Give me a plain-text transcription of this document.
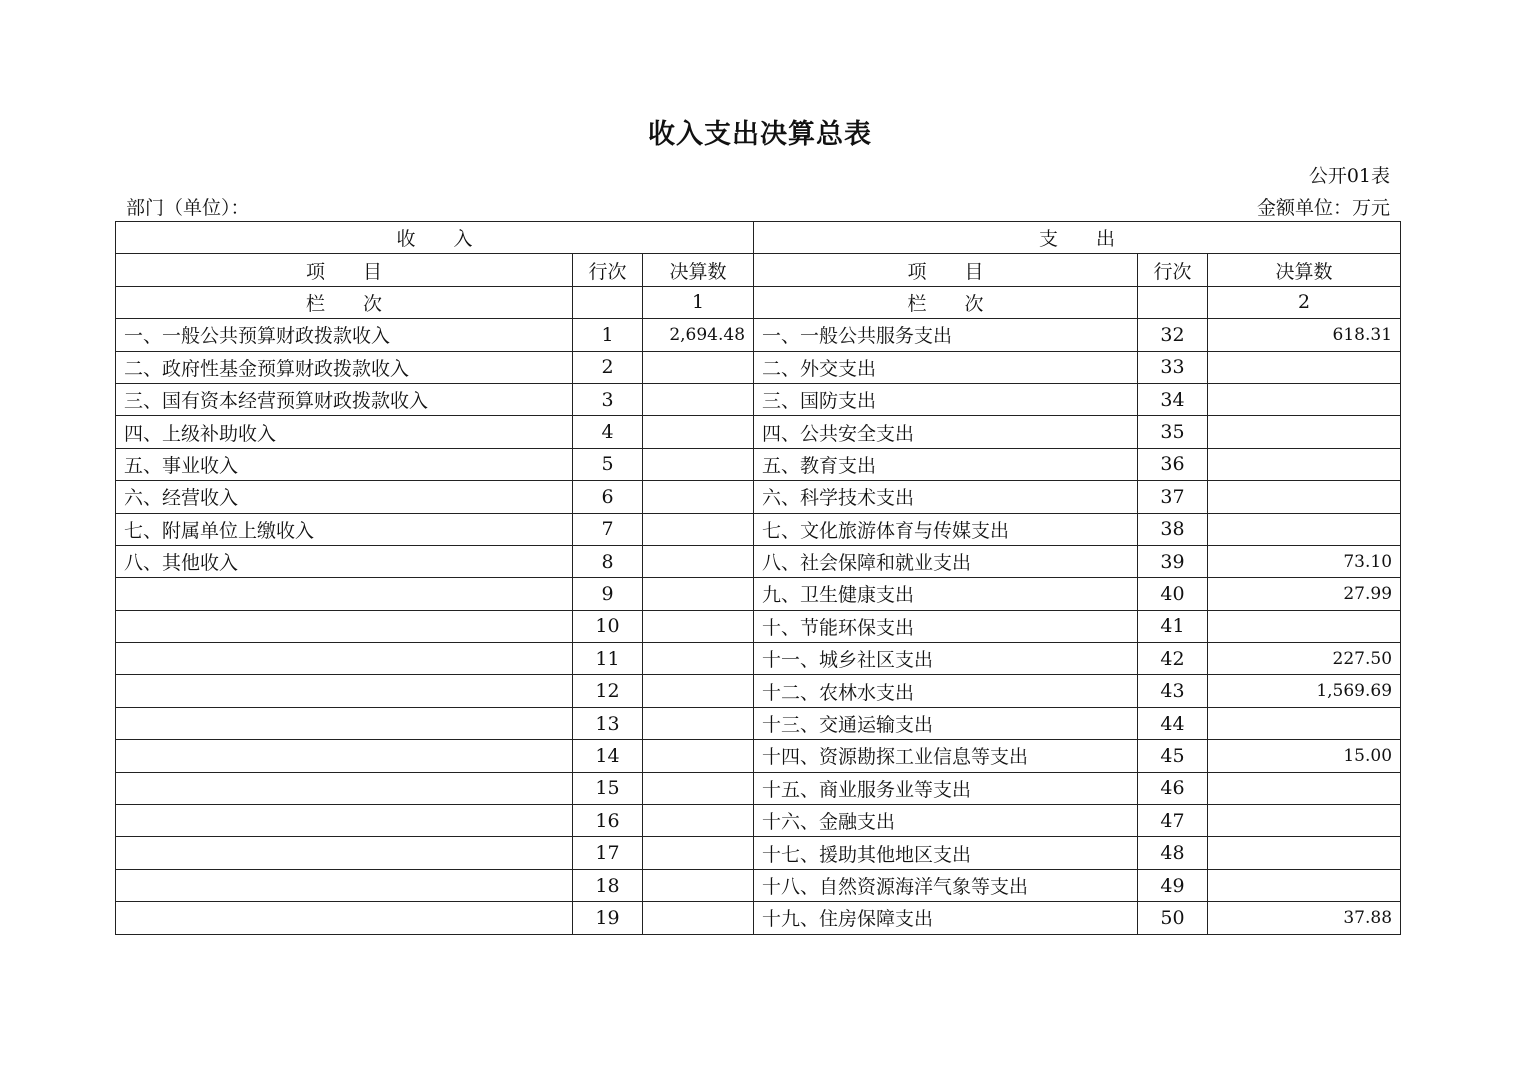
收入支出决算总表
公开01表
部门（单位）：	金额单位：万元
收　　入			支　　出		
项　　目	行次	决算数	项　　目	行次	决算数
栏　　次		1	栏　　次		2
一、一般公共预算财政拨款收入	1	2,694.48	一、一般公共服务支出	32	618.31
二、政府性基金预算财政拨款收入	2		二、外交支出	33	
三、国有资本经营预算财政拨款收入	3		三、国防支出	34	
四、上级补助收入	4		四、公共安全支出	35	
五、事业收入	5		五、教育支出	36	
六、经营收入	6		六、科学技术支出	37	
七、附属单位上缴收入	7		七、文化旅游体育与传媒支出	38	
八、其他收入	8		八、社会保障和就业支出	39	73.10
	9		九、卫生健康支出	40	27.99
	10		十、节能环保支出	41	
	11		十一、城乡社区支出	42	227.50
	12		十二、农林水支出	43	1,569.69
	13		十三、交通运输支出	44	
	14		十四、资源勘探工业信息等支出	45	15.00
	15		十五、商业服务业等支出	46	
	16		十六、金融支出	47	
	17		十七、援助其他地区支出	48	
	18		十八、自然资源海洋气象等支出	49	
	19		十九、住房保障支出	50	37.88
